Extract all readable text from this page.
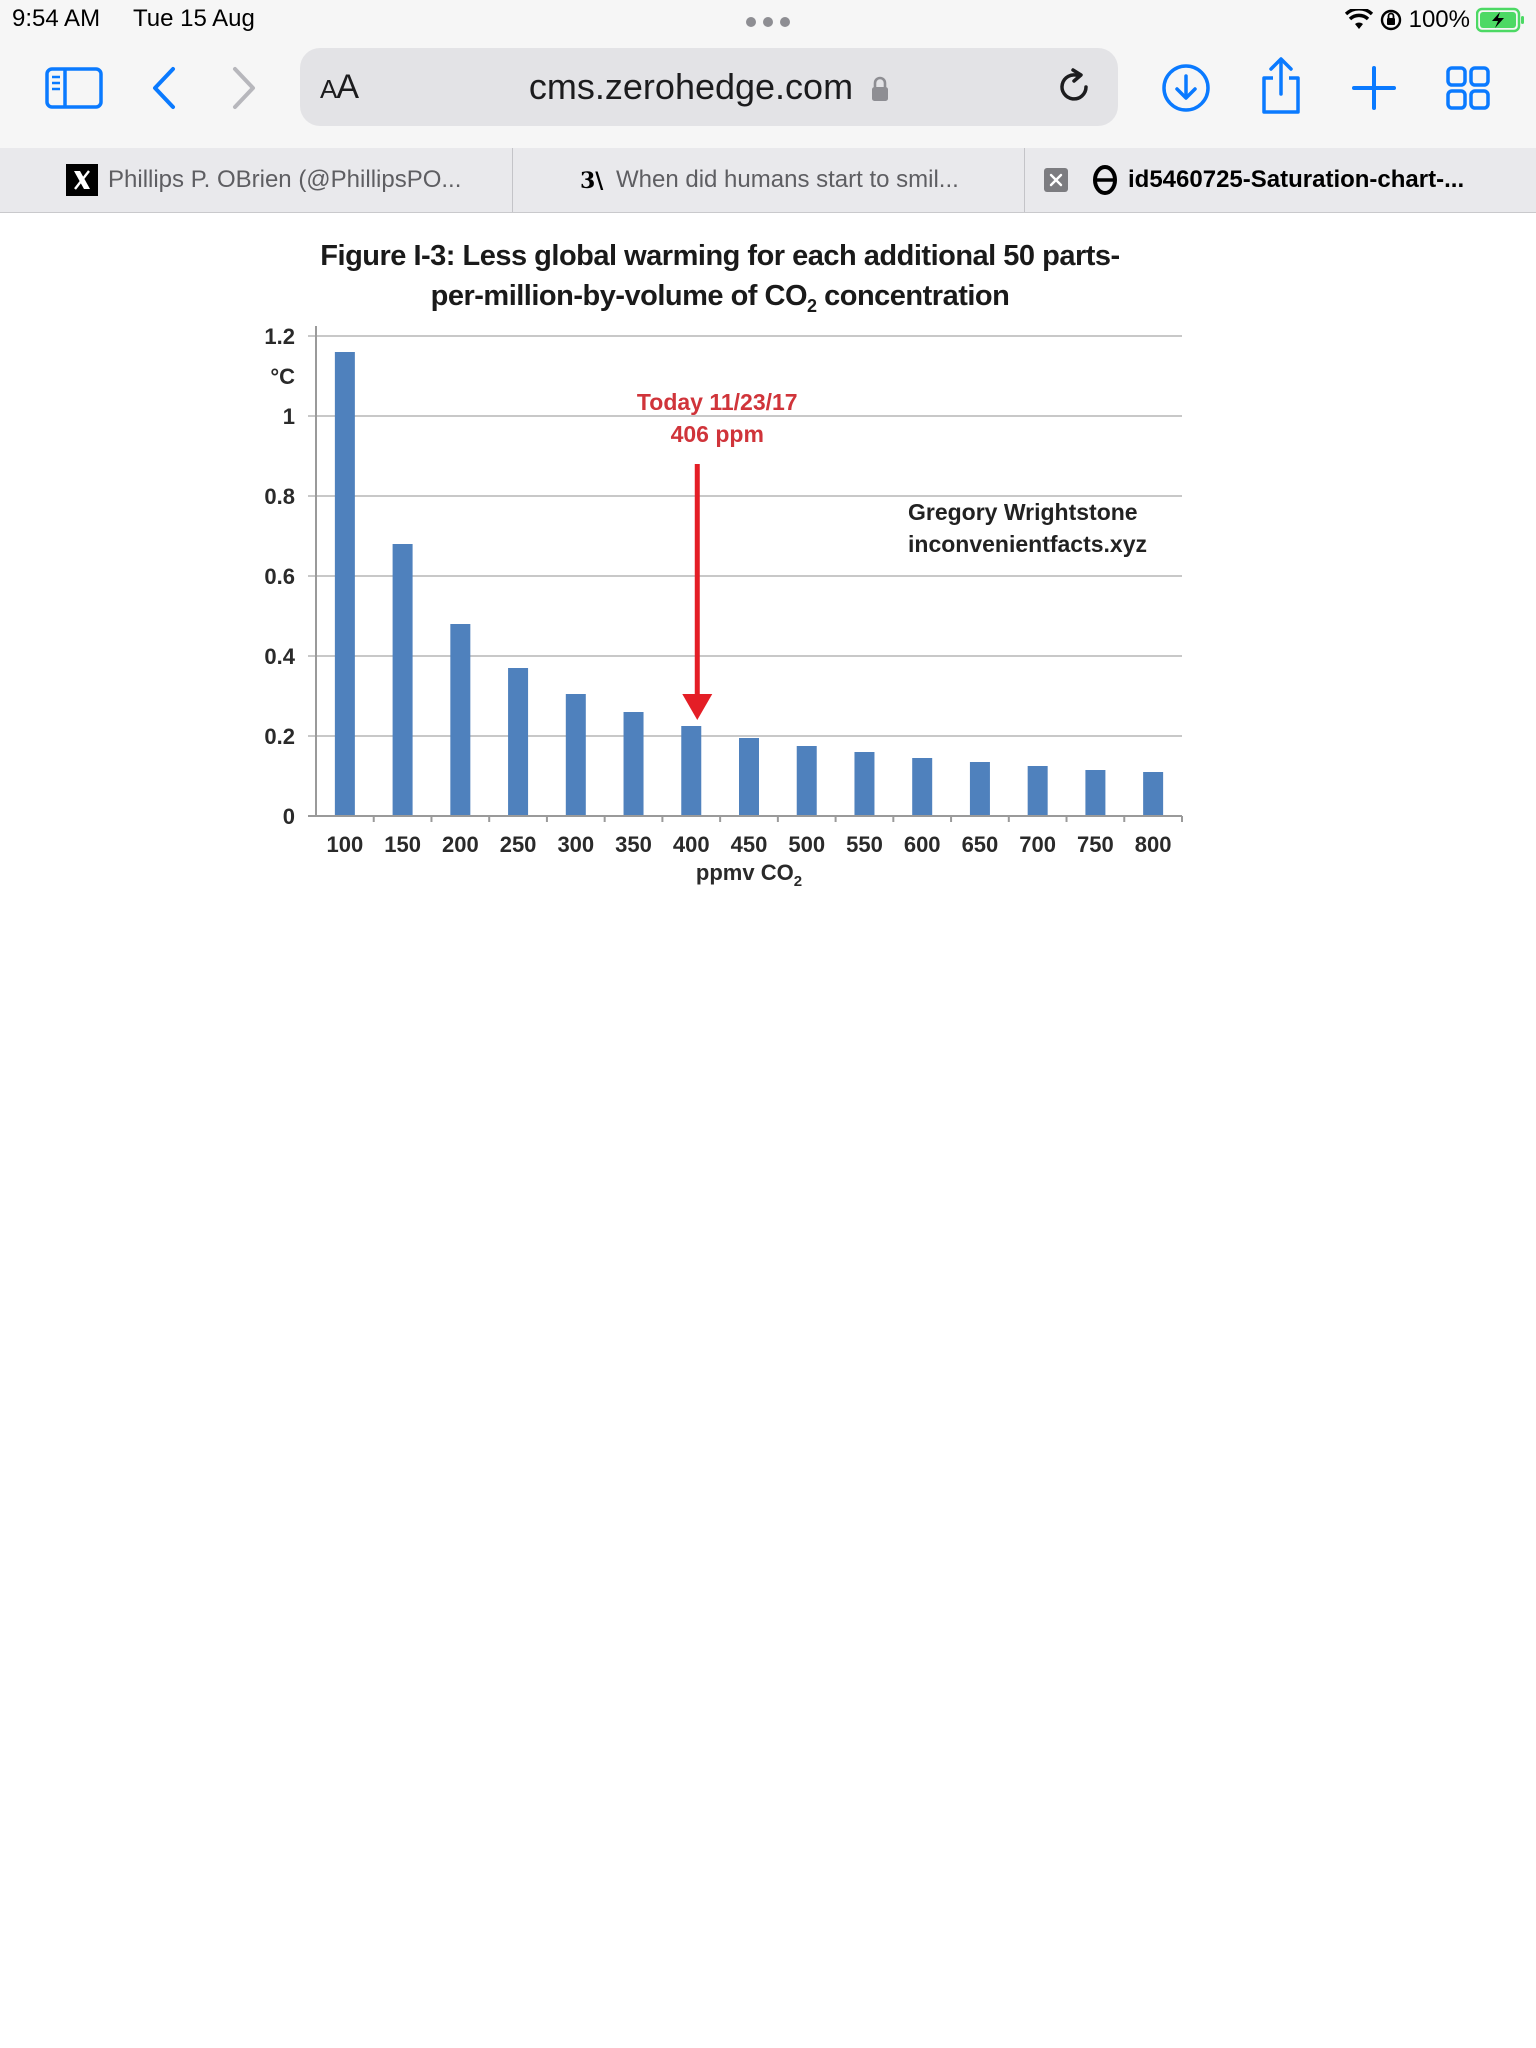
9:54 AM Tue 15 Aug	100%
AA	cms.zerohedge.com
Phillips P. OBrien (@PhillipsPO...	3\ When did humans start to smil...	id5460725-Saturation-chart-...
Figure I-3: Less global warming for each additional 50 parts-
per-million-by-volume of $CO_2$ concentration
0
0.2
0.4
0.6
0.8
1
1.2
°C
100 150 200 250 300 350 400 450 500 550 600 650 700 750 800
ppmv $CO_2$
Today 11/23/17
406 ppm
Gregory Wrightstone
inconvenientfacts.xyz
